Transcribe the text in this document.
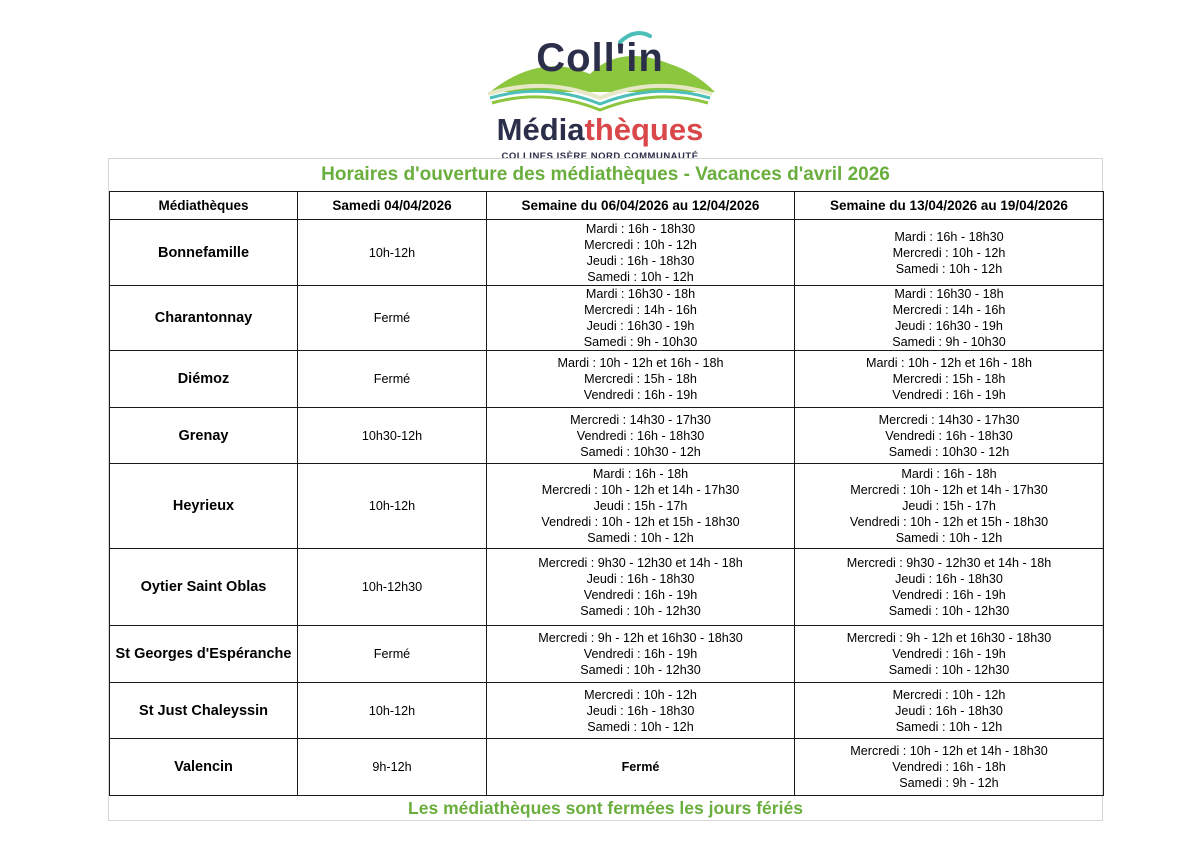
Coll'in
Médiathèques
COLLINES ISÈRE NORD COMMUNAUTÉ
Horaires d'ouverture des médiathèques - Vacances d'avril 2026
Médiathèques	Samedi 04/04/2026	Semaine du 06/04/2026 au 12/04/2026	Semaine du 13/04/2026 au 19/04/2026
Bonnefamille	10h-12h	Mardi : 16h - 18h30
Mercredi : 10h - 12h
Jeudi : 16h - 18h30
Samedi : 10h - 12h	Mardi : 16h - 18h30
Mercredi : 10h - 12h
Samedi : 10h - 12h

Charantonnay	Fermé	Mardi : 16h30 - 18h
Mercredi : 14h - 16h
Jeudi : 16h30 - 19h
Samedi : 9h - 10h30	Mardi : 16h30 - 18h
Mercredi : 14h - 16h
Jeudi : 16h30 - 19h
Samedi : 9h - 10h30

Diémoz	Fermé	Mardi : 10h - 12h et 16h - 18h
Mercredi : 15h - 18h
Vendredi : 16h - 19h	Mardi : 10h - 12h et 16h - 18h
Mercredi : 15h - 18h
Vendredi : 16h - 19h

Grenay	10h30-12h	Mercredi : 14h30 - 17h30
Vendredi : 16h - 18h30
Samedi : 10h30 - 12h	Mercredi : 14h30 - 17h30
Vendredi : 16h - 18h30
Samedi : 10h30 - 12h

Heyrieux	10h-12h	Mardi : 16h - 18h
Mercredi : 10h - 12h et 14h - 17h30
Jeudi : 15h - 17h
Vendredi : 10h - 12h et 15h - 18h30
Samedi : 10h - 12h	Mardi : 16h - 18h
Mercredi : 10h - 12h et 14h - 17h30
Jeudi : 15h - 17h
Vendredi : 10h - 12h et 15h - 18h30
Samedi : 10h - 12h

Oytier Saint Oblas	10h-12h30	Mercredi : 9h30 - 12h30 et 14h - 18h
Jeudi : 16h - 18h30
Vendredi : 16h - 19h
Samedi : 10h - 12h30	Mercredi : 9h30 - 12h30 et 14h - 18h
Jeudi : 16h - 18h30
Vendredi : 16h - 19h
Samedi : 10h - 12h30

St Georges d'Espéranche	Fermé	Mercredi : 9h - 12h et 16h30 - 18h30
Vendredi : 16h - 19h
Samedi : 10h - 12h30	Mercredi : 9h - 12h et 16h30 - 18h30
Vendredi : 16h - 19h
Samedi : 10h - 12h30

St Just Chaleyssin	10h-12h	Mercredi : 10h - 12h
Jeudi : 16h - 18h30
Samedi : 10h - 12h	Mercredi : 10h - 12h
Jeudi : 16h - 18h30
Samedi : 10h - 12h

Valencin	9h-12h	Fermé	Mercredi : 10h - 12h et 14h - 18h30
Vendredi : 16h - 18h
Samedi : 9h - 12h
Les médiathèques sont fermées les jours fériés
